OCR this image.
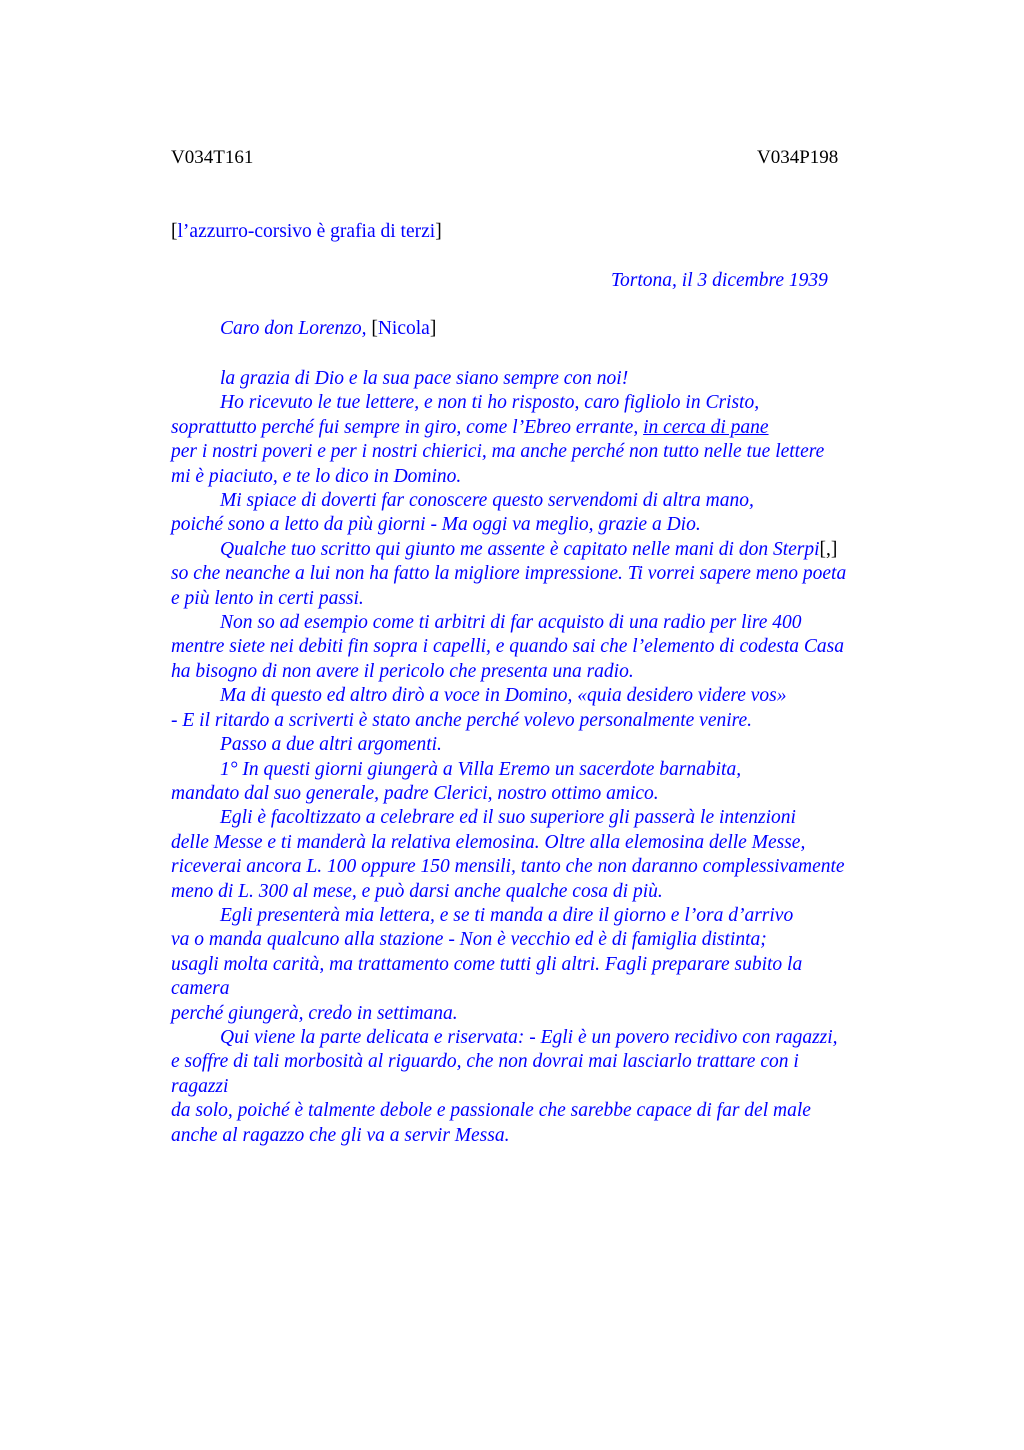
V034T161	V034P198
[l’azzurro-corsivo è grafia di terzi]
Tortona, il 3 dicembre 1939
Caro don Lorenzo, [Nicola]
la grazia di Dio e la sua pace siano sempre con noi!
Ho ricevuto le tue lettere, e non ti ho risposto, caro figliolo in Cristo,
soprattutto perché fui sempre in giro, come l’Ebreo errante, in cerca di pane
per i nostri poveri e per i nostri chierici, ma anche perché non tutto nelle tue lettere
mi è piaciuto, e te lo dico in Domino.
Mi spiace di doverti far conoscere questo servendomi di altra mano,
poiché sono a letto da più giorni - Ma oggi va meglio, grazie a Dio.
Qualche tuo scritto qui giunto me assente è capitato nelle mani di don Sterpi[,]
so che neanche a lui non ha fatto la migliore impressione. Ti vorrei sapere meno poeta
e più lento in certi passi.
Non so ad esempio come ti arbitri di far acquisto di una radio per lire 400
mentre siete nei debiti fin sopra i capelli, e quando sai che l’elemento di codesta Casa
ha bisogno di non avere il pericolo che presenta una radio.
Ma di questo ed altro dirò a voce in Domino, «quia desidero videre vos»
- E il ritardo a scriverti è stato anche perché volevo personalmente venire.
Passo a due altri argomenti.
1° In questi giorni giungerà a Villa Eremo un sacerdote barnabita,
mandato dal suo generale, padre Clerici, nostro ottimo amico.
Egli è facoltizzato a celebrare ed il suo superiore gli passerà le intenzioni
delle Messe e ti manderà la relativa elemosina. Oltre alla elemosina delle Messe,
riceverai ancora L. 100 oppure 150 mensili, tanto che non daranno complessivamente
meno di L. 300 al mese, e può darsi anche qualche cosa di più.
Egli presenterà mia lettera, e se ti manda a dire il giorno e l’ora d’arrivo
va o manda qualcuno alla stazione - Non è vecchio ed è di famiglia distinta;
usagli molta carità, ma trattamento come tutti gli altri. Fagli preparare subito la
camera
perché giungerà, credo in settimana.
Qui viene la parte delicata e riservata: - Egli è un povero recidivo con ragazzi,
e soffre di tali morbosità al riguardo, che non dovrai mai lasciarlo trattare con i
ragazzi
da solo, poiché è talmente debole e passionale che sarebbe capace di far del male
anche al ragazzo che gli va a servir Messa.
